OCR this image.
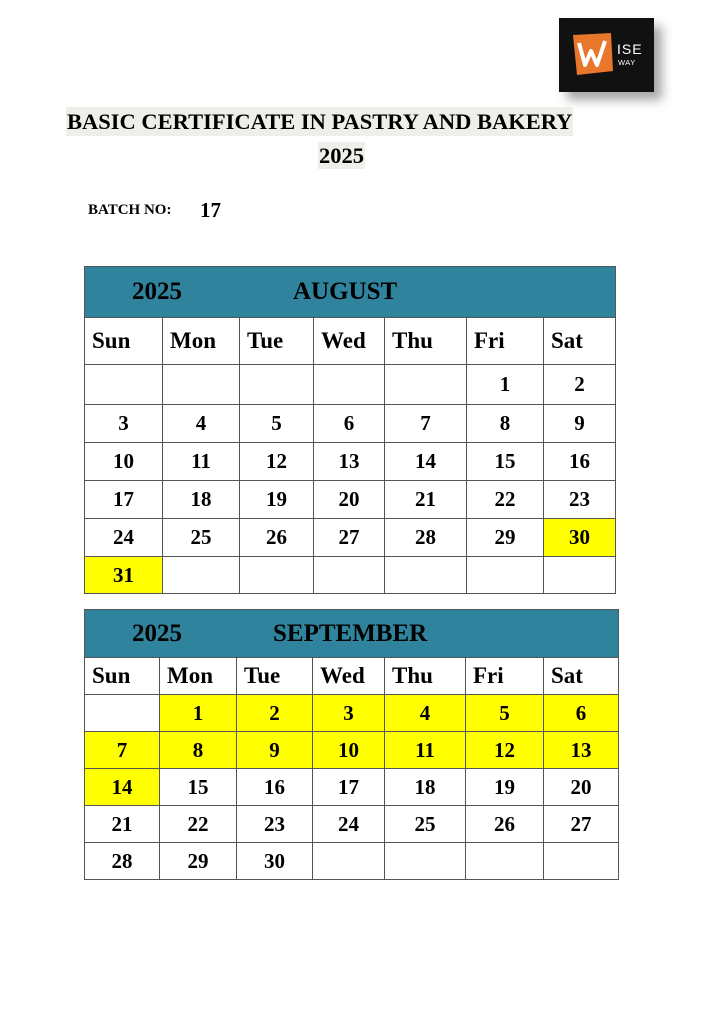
ISE
WAY
BASIC CERTIFICATE IN PASTRY AND BAKERY
2025
BATCH NO: 17
2025 AUGUST						

Sun	Mon	Tue	Wed	Thu	Fri	Sat
					1	2
3	4	5	6	7	8	9
10	11	12	13	14	15	16
17	18	19	20	21	22	23
24	25	26	27	28	29	30
31						
2025 SEPTEMBER						

Sun	Mon	Tue	Wed	Thu	Fri	Sat
	1	2	3	4	5	6
7	8	9	10	11	12	13
14	15	16	17	18	19	20
21	22	23	24	25	26	27
28	29	30				
